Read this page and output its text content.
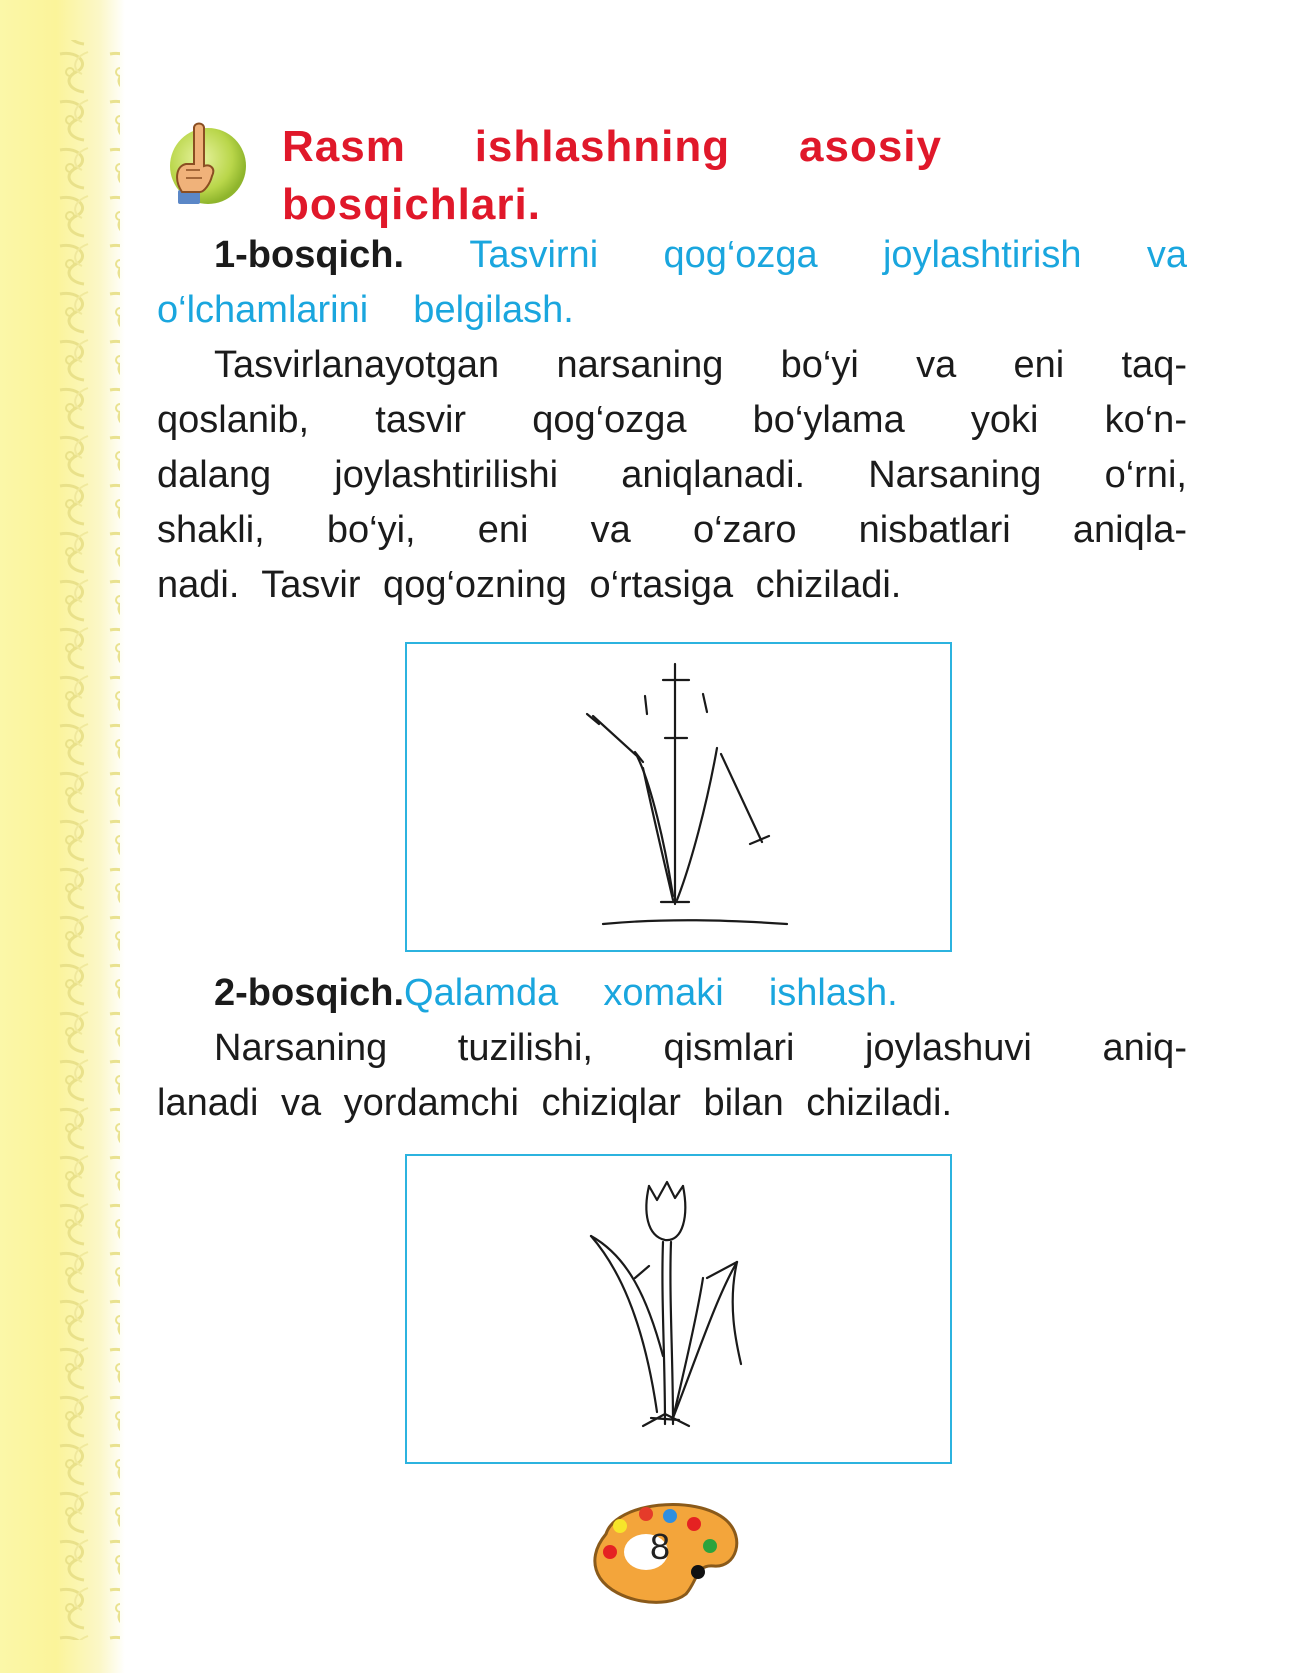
Rasm ishlashning asosiy
bosqichlari.
1-bosqich. Tasvirni qog‘ozga joylashtirish va
o‘lchamlarini  belgilash.
Tasvirlanayotgan narsaning bo‘yi va eni taq-
qoslanib, tasvir qog‘ozga bo‘ylama yoki ko‘n-
dalang joylashtirilishi aniqlanadi. Narsaning o‘rni,
shakli, bo‘yi, eni va o‘zaro nisbatlari aniqla-
nadi. Tasvir qog‘ozning o‘rtasiga chiziladi.
2-bosqich. Qalamda  xomaki  ishlash.
Narsaning tuzilishi, qismlari joylashuvi aniq-
lanadi va yordamchi chiziqlar bilan chiziladi.
8
